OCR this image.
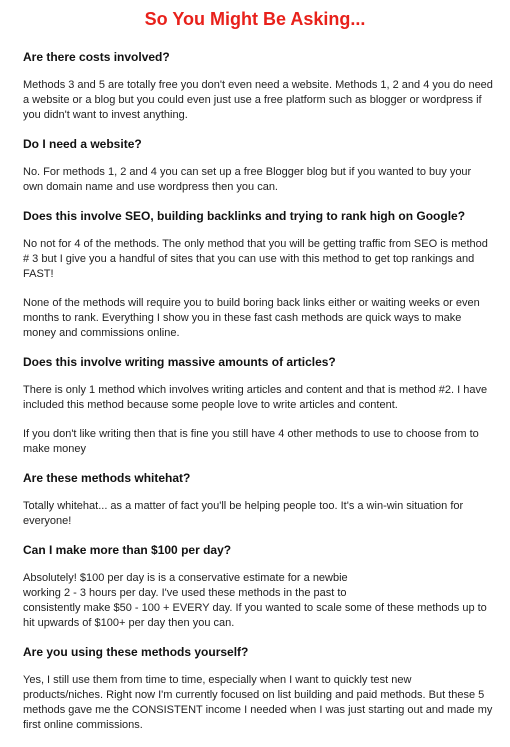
So You Might Be Asking...
Are there costs involved?
Methods 3 and 5 are totally free you don't even need a website. Methods 1, 2 and 4 you do need a website or a blog but you could even just use a free platform such as blogger or wordpress if you didn't want to invest anything.
Do I need a website?
No. For methods 1, 2 and 4 you can set up a free Blogger blog but if you wanted to buy your own domain name and use wordpress then you can.
Does this involve SEO, building backlinks and trying to rank high on Google?
No not for 4 of the methods. The only method that you will be getting traffic from SEO is method # 3 but I give you a handful of sites that you can use with this method to get top rankings and FAST!
None of the methods will require you to build boring back links either or waiting weeks or even months to rank. Everything I show you in these fast cash methods are quick ways to make money and commissions online.
Does this involve writing massive amounts of articles?
There is only 1 method which involves writing articles and content and that is method #2. I have included this method because some people love to write articles and content.
If you don't like writing then that is fine you still have 4 other methods to use to choose from to make money
Are these methods whitehat?
Totally whitehat... as a matter of fact you'll be helping people too. It's a win-win situation for everyone!
Can I make more than $100 per day?
Absolutely! $100 per day is is a conservative estimate for a newbie
working 2 - 3 hours per day. I've used these methods in the past to
consistently make $50 - 100 + EVERY day. If you wanted to scale some of these methods up to hit upwards of $100+ per day then you can.
Are you using these methods yourself?
Yes, I still use them from time to time, especially when I want to quickly test new products/niches. Right now I'm currently focused on list building and paid methods. But these 5 methods gave me the CONSISTENT income I needed when I was just starting out and made my first online commissions.
